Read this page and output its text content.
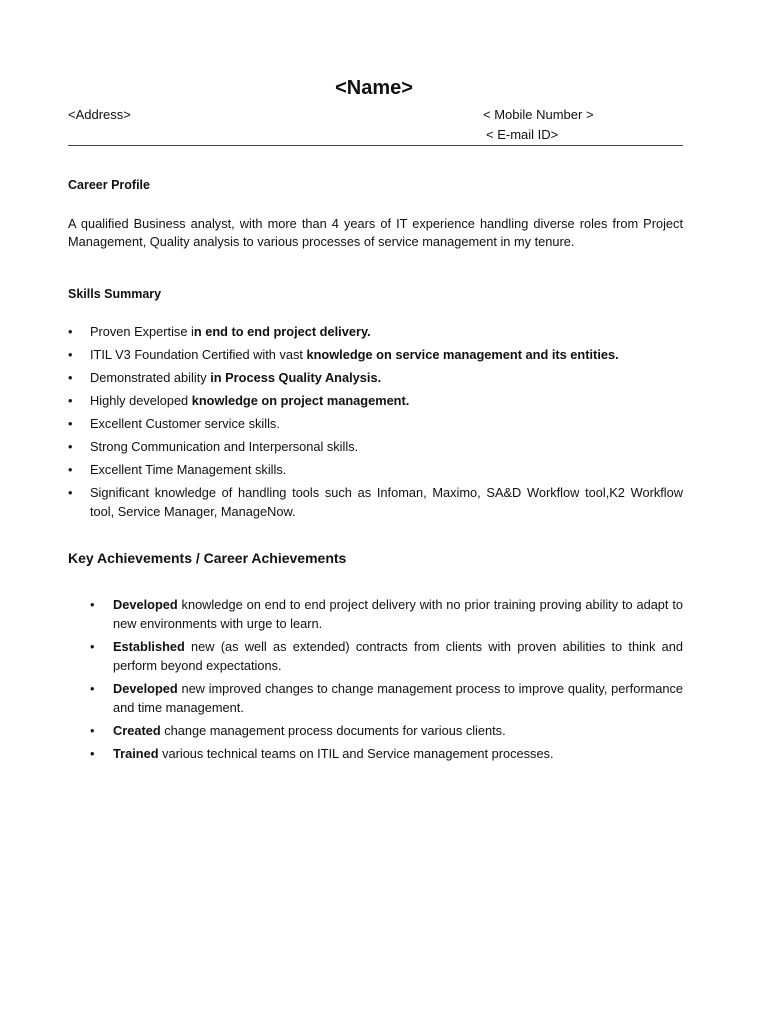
<Name>
<Address>	< Mobile Number >
< E-mail ID>
Career Profile
A qualified Business analyst, with more than 4 years of IT experience handling diverse roles from Project Management, Quality analysis to various processes of service management in my tenure.
Skills Summary
• Proven Expertise in end to end project delivery.
• ITIL V3 Foundation Certified with vast knowledge on service management and its entities.
• Demonstrated ability in Process Quality Analysis.
• Highly developed knowledge on project management.
• Excellent Customer service skills.
• Strong Communication and Interpersonal skills.
• Excellent Time Management skills.
• Significant knowledge of handling tools such as Infoman, Maximo, SA&D Workflow tool,K2 Workflow tool, Service Manager, ManageNow.
Key Achievements / Career Achievements
• Developed knowledge on end to end project delivery with no prior training proving ability to adapt to new environments with urge to learn.
• Established new (as well as extended) contracts from clients with proven abilities to think and perform beyond expectations.
• Developed new improved changes to change management process to improve quality, performance and time management.
• Created change management process documents for various clients.
• Trained various technical teams on ITIL and Service management processes.
